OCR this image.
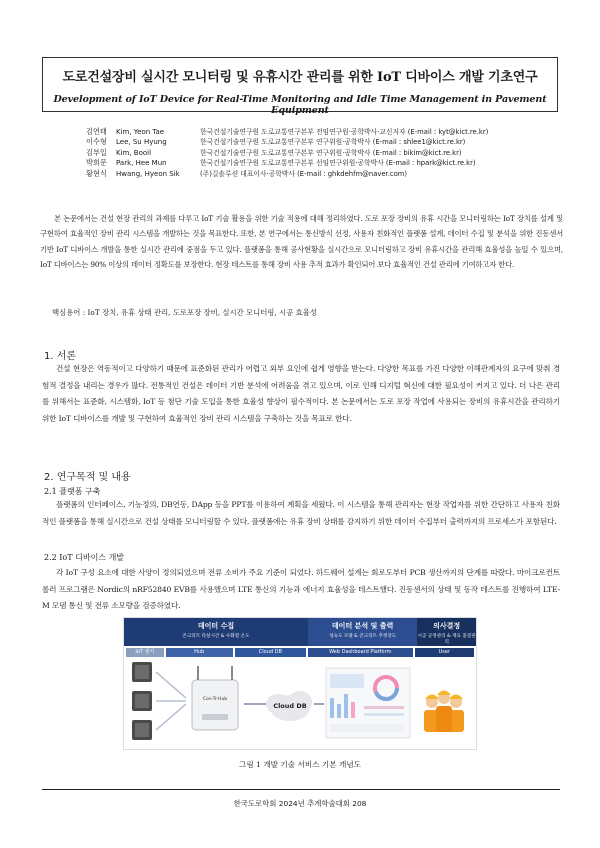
도로건설장비 실시간 모니터링 및 유휴시간 관리를 위한 IoT 디바이스 개발 기초연구
Development of IoT Device for Real-Time Monitoring and Idle Time Management in Pavement Equipment
김연태	Kim, Yeon Tae	한국건설기술연구원 도로교통연구본부 전임연구원·공학박사·교신저자 (E-mail : kyt@kict.re.kr)
이수형	Lee, Su Hyung	한국건설기술연구원 도로교통연구본부 연구위원·공학박사 (E-mail : shlee1@kict.re.kr)
김부일	Kim, Booil	한국건설기술연구원 도로교통연구본부 연구위원·공학박사 (E-mail : bikim@kict.re.kr)
박희문	Park, Hee Mun	한국건설기술연구원 도로교통연구본부 선임연구위원·공학박사 (E-mail : hpark@kict.re.kr)
황현식	Hwang, Hyeon Sik	(주)길솔루션 대표이사·공학박사 (E-mail : ghkdehfm@naver.com)

본 논문에서는 건설 현장 관리의 과제를 다루고 IoT 기술 활용을 위한 기술 적용에 대해 정리하였다. 도로 포장 장비의 유휴 시간을 모니터링하는 IoT 장치를 설계 및 구현하여 효율적인 장비 관리 시스템을 개발하는 것을 목표한다. 또한, 본 연구에서는 통신방식 선정, 사용자 친화적인 플랫폼 설계, 데이터 수집 및 분석을 위한 진동센서 기반 IoT 디바이스 개발을 통한 실시간 관리에 중점을 두고 있다. 플랫폼을 통해 공사현황을 실시간으로 모니터링하고 장비 유휴시간을 관리해 효율성을 높일 수 있으며, IoT 디바이스는 90% 이상의 데이터 정확도를 보장한다. 현장 테스트를 통해 장비 사용 추적 효과가 확인되어 보다 효율적인 건설 관리에 기여하고자 한다.

핵심용어 : IoT 장치, 유휴 상태 관리, 도로포장 장비, 실시간 모니터링, 시공 효율성

1. 서론

건설 현장은 역동적이고 다양하기 때문에 표준화된 관리가 어렵고 외부 요인에 쉽게 영향을 받는다. 다양한 목표를 가진 다양한 이해관계자의 요구에 맞춰 경험적 결정을 내리는 경우가 많다. 전통적인 건설은 데이터 기반 분석에 어려움을 겪고 있으며, 이로 인해 디지털 혁신에 대한 필요성이 커지고 있다. 더 나은 관리를 위해서는 표준화, 시스템화, IoT 등 첨단 기술 도입을 통한 효율성 향상이 필수적이다. 본 논문에서는 도로 포장 작업에 사용되는 장비의 유휴시간을 관리하기 위한 IoT 디바이스를 개발 및 구현하여 효율적인 장비 관리 시스템을 구축하는 것을 목표로 한다.

2. 연구목적 및 내용
2.1 플랫폼 구축

플랫폼의 인터페이스, 기능정의, DB연동, DApp 등을 PPT를 이용하여 계획을 세웠다. 이 시스템을 통해 관리자는 현장 작업자를 위한 간단하고 사용자 친화적인 플랫폼을 통해 실시간으로 건설 상태를 모니터링할 수 있다. 플랫폼에는 유휴 장비 상태를 감지하기 위한 데이터 수집부터 출력까지의 프로세스가 포함된다.

2.2 IoT 디바이스 개발

각 IoT 구성 요소에 대한 사양이 정의되었으며 전류 소비가 주요 기준이 되었다. 하드웨어 설계는 회로도부터 PCB 생산까지의 단계를 따랐다. 마이크로컨트롤러 프로그램은 Nordic의 nRF52840 EVB를 사용했으며 LTE 통신의 기능과 에너지 효율성을 테스트했다. 진동센서의 상태 및 동작 테스트를 진행하여 LTE-M 모뎀 통신 및 전류 소모량을 검증하였다.

데이터 수집
콘크리트 타설시간 & 수화열 온도
데이터 분석 및 출력
성숙도 모델 & 콘크리트 추정강도
의사결정
시공 공정관리 & 재료 품질관리
IoT 센서	Hub	Cloud DB	Web Dashboard Platform	User
Con-Tr-Hub
Cloud DB
그림 1 개발 기술 서비스 기본 개념도
한국도로학회 2024년 추계학술대회 208
